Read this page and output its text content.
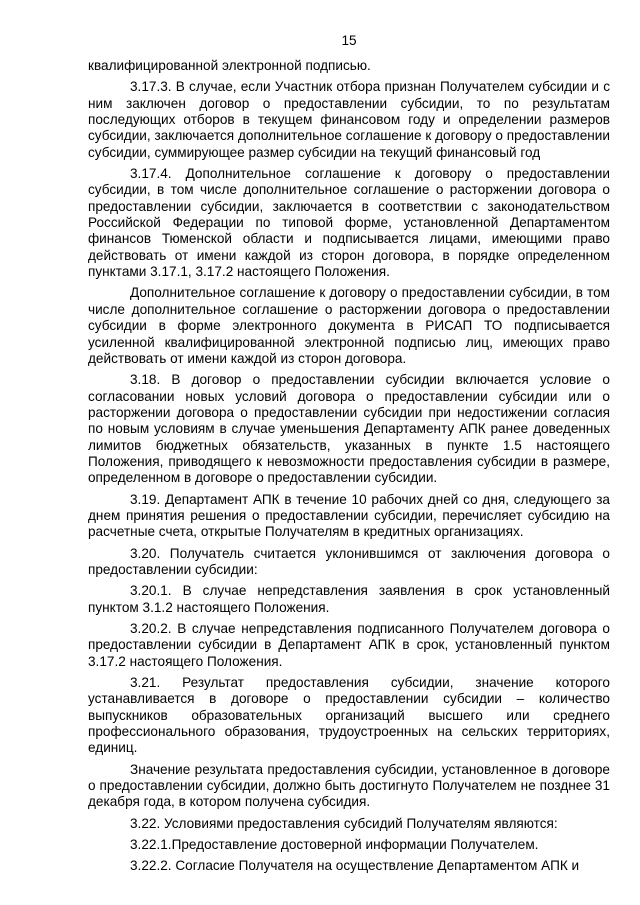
15

квалифицированной электронной подписью.

3.17.3. В случае, если Участник отбора признан Получателем субсидии и с ним заключен договор о предоставлении субсидии, то по результатам последующих отборов в текущем финансовом году и определении размеров субсидии, заключается дополнительное соглашение к договору о предоставлении субсидии, суммирующее размер субсидии на текущий финансовый год

3.17.4. Дополнительное соглашение к договору о предоставлении субсидии, в том числе дополнительное соглашение о расторжении договора о предоставлении субсидии, заключается в соответствии с законодательством Российской Федерации по типовой форме, установленной Департаментом финансов Тюменской области и подписывается лицами, имеющими право действовать от имени каждой из сторон договора, в порядке определенном пунктами 3.17.1, 3.17.2 настоящего Положения.

Дополнительное соглашение к договору о предоставлении субсидии, в том числе дополнительное соглашение о расторжении договора о предоставлении субсидии в форме электронного документа в РИСАП ТО подписывается усиленной квалифицированной электронной подписью лиц, имеющих право действовать от имени каждой из сторон договора.

3.18. В договор о предоставлении субсидии включается условие о согласовании новых условий договора о предоставлении субсидии или о расторжении договора о предоставлении субсидии при недостижении согласия по новым условиям в случае уменьшения Департаменту АПК ранее доведенных лимитов бюджетных обязательств, указанных в пункте 1.5 настоящего Положения, приводящего к невозможности предоставления субсидии в размере, определенном в договоре о предоставлении субсидии.

3.19. Департамент АПК в течение 10 рабочих дней со дня, следующего за днем принятия решения о предоставлении субсидии, перечисляет субсидию на расчетные счета, открытые Получателям в кредитных организациях.

3.20. Получатель считается уклонившимся от заключения договора о предоставлении субсидии:

3.20.1. В случае непредставления заявления в срок установленный пунктом 3.1.2 настоящего Положения.

3.20.2. В случае непредставления подписанного Получателем договора о предоставлении субсидии в Департамент АПК в срок, установленный пунктом 3.17.2 настоящего Положения.

3.21. Результат предоставления субсидии, значение которого устанавливается в договоре о предоставлении субсидии – количество выпускников образовательных организаций высшего или среднего профессионального образования, трудоустроенных на сельских территориях, единиц.

Значение результата предоставления субсидии, установленное в договоре о предоставлении субсидии, должно быть достигнуто Получателем не позднее 31 декабря года, в котором получена субсидия.

3.22. Условиями предоставления субсидий Получателям являются:

3.22.1.Предоставление достоверной информации Получателем.

3.22.2. Согласие Получателя на осуществление Департаментом АПК и
